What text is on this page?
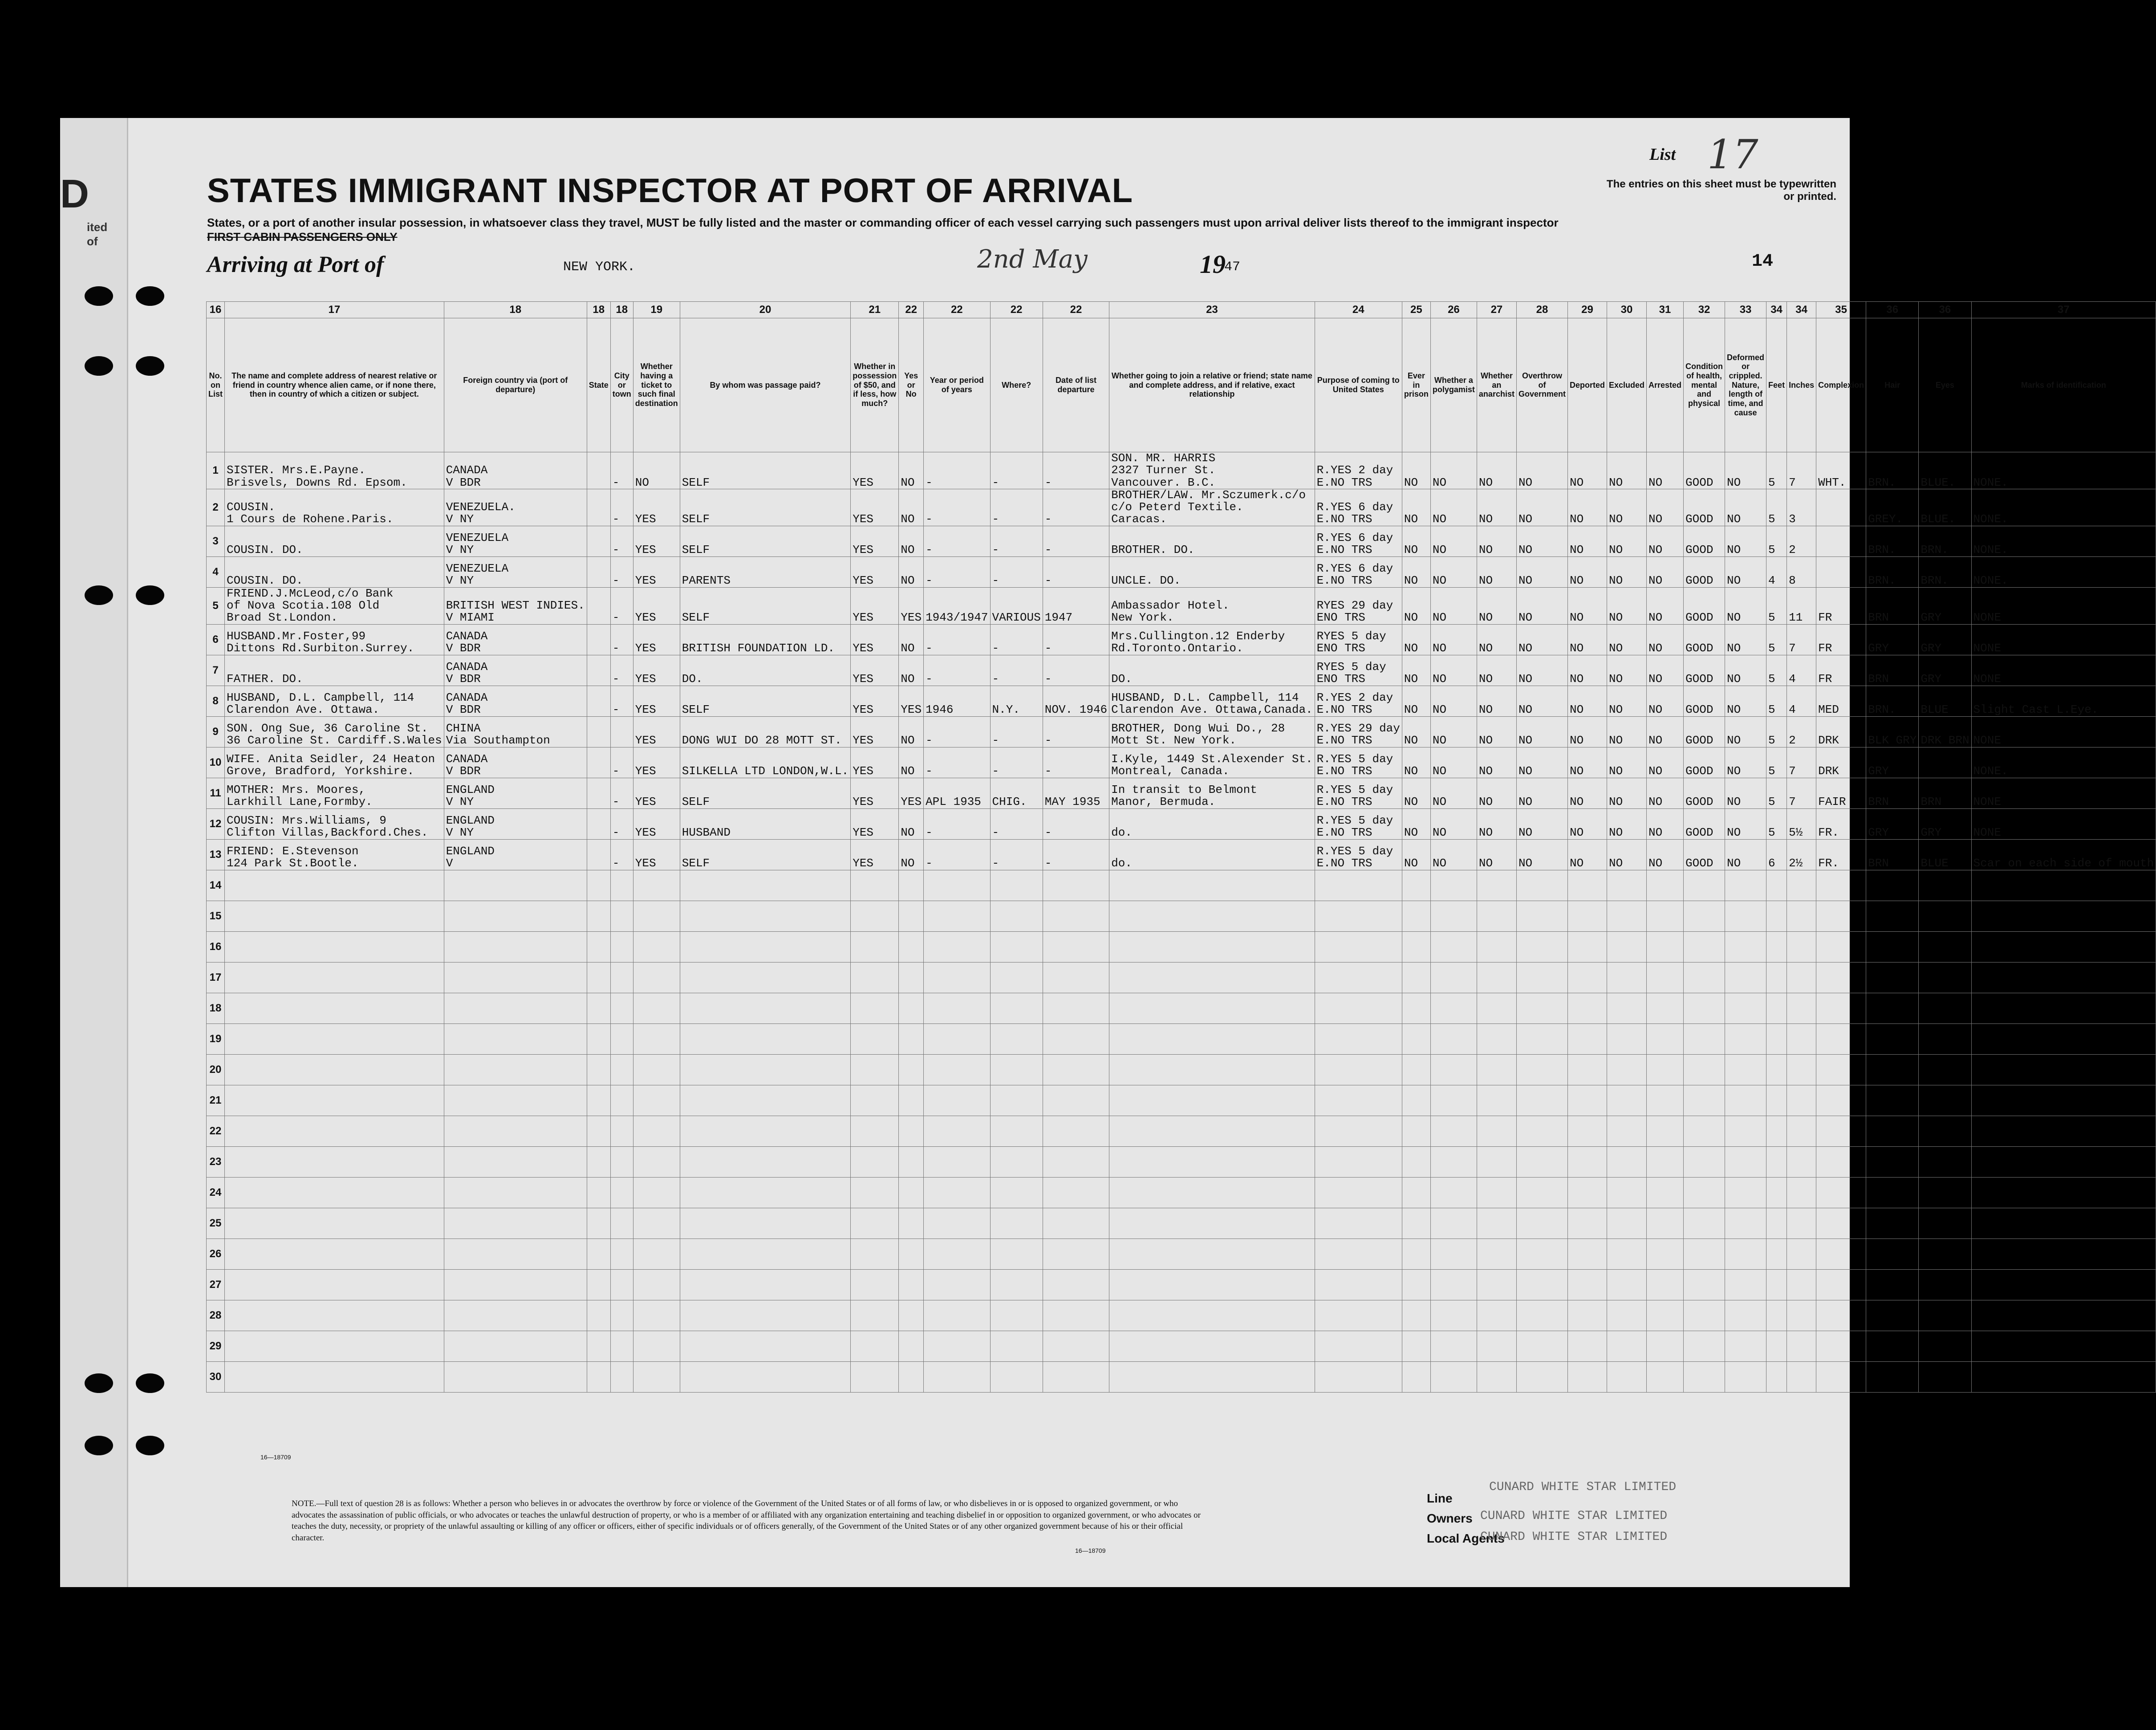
D
ited
of
STATES IMMIGRANT INSPECTOR AT PORT OF ARRIVAL
States, or a port of another insular possession, in whatsoever class they travel, MUST be fully listed and the master or commanding officer of each vessel carrying such passengers must upon arrival deliver lists thereof to the immigrant inspector
FIRST CABIN PASSENGERS ONLY
Arriving at Port of	NEW YORK.	2nd May	19
47
List 17
The entries on this sheet must be typewritten or printed.
14
16	17	18	18	18	19	20	21	22	22	22	22	23	24	25	26	27	28	29	30	31	32	33	34	34	35	36	36	37
No. on List	The name and complete address of nearest relative or friend in country whence alien came, or if none there, then in country of which a citizen or subject.	Foreign country via (port of departure)	State	City or town	Whether having a ticket to such final destination	By whom was passage paid?	Whether in possession of $50, and if less, how much?	Yes or No	Year or period of years	Where?	Date of list departure	Whether going to join a relative or friend; state name and complete address, and if relative, exact relationship	Purpose of coming to United States	Ever in prison	Whether a polygamist	Whether an anarchist	Overthrow of Government	Deported	Excluded	Arrested	Condition of health, mental and physical	Deformed or crippled. Nature, length of time, and cause	Feet	Inches	Complexion	Hair	Eyes	Marks of identification
1	SISTER. Mrs.E.Payne.
Brisvels, Downs Rd. Epsom.	CANADA
V BDR		-	NO	SELF	YES	NO	-	-	-	SON. MR. HARRIS
2327 Turner St.
Vancouver. B.C.	R.YES 2 day
E.NO TRS	NO	NO	NO	NO	NO	NO	NO	GOOD	NO	5	7	WHT.	BRN.	BLUE.	NONE.
2	COUSIN.
1 Cours de Rohene.Paris.	VENEZUELA.
V NY		-	YES	SELF	YES	NO	-	-	-	BROTHER/LAW. Mr.Sczumerk.c/o
c/o Peterd Textile.
Caracas.	R.YES 6 day
E.NO TRS	NO	NO	NO	NO	NO	NO	NO	GOOD	NO	5	3		GREY.	BLUE.	NONE.
3	COUSIN. DO.	VENEZUELA
V NY		-	YES	SELF	YES	NO	-	-	-	BROTHER. DO.	R.YES 6 day
E.NO TRS	NO	NO	NO	NO	NO	NO	NO	GOOD	NO	5	2		BRN.	BRN.	NONE.
4	COUSIN. DO.	VENEZUELA
V NY		-	YES	PARENTS	YES	NO	-	-	-	UNCLE. DO.	R.YES 6 day
E.NO TRS	NO	NO	NO	NO	NO	NO	NO	GOOD	NO	4	8		BRN.	BRN.	NONE.
5	FRIEND.J.McLeod,c/o Bank
of Nova Scotia.108 Old
Broad St.London.	BRITISH WEST INDIES.
V MIAMI		-	YES	SELF	YES	YES	1943/1947	VARIOUS	1947	Ambassador Hotel.
New York.	RYES 29 day
ENO TRS	NO	NO	NO	NO	NO	NO	NO	GOOD	NO	5	11	FR	BRN	GRY	NONE
6	HUSBAND.Mr.Foster,99
Dittons Rd.Surbiton.Surrey.	CANADA
V BDR		-	YES	BRITISH FOUNDATION LD.	YES	NO	-	-	-	Mrs.Cullington.12 Enderby
Rd.Toronto.Ontario.	RYES 5 day
ENO TRS	NO	NO	NO	NO	NO	NO	NO	GOOD	NO	5	7	FR	GRY	GRY	NONE
7	FATHER. DO.	CANADA
V BDR		-	YES	DO.	YES	NO	-	-	-	DO.	RYES 5 day
ENO TRS	NO	NO	NO	NO	NO	NO	NO	GOOD	NO	5	4	FR	BRN	GRY	NONE
8	HUSBAND, D.L. Campbell, 114
Clarendon Ave. Ottawa.	CANADA
V BDR		-	YES	SELF	YES	YES	1946	N.Y.	NOV. 1946	HUSBAND, D.L. Campbell, 114
Clarendon Ave. Ottawa,Canada.	R.YES 2 day
E.NO TRS	NO	NO	NO	NO	NO	NO	NO	GOOD	NO	5	4	MED	BRN.	BLUE	Slight Cast L.Eye.
9	SON. Ong Sue, 36 Caroline St.
36 Caroline St. Cardiff.S.Wales	CHINA
Via Southampton			YES	DONG WUI DO 28 MOTT ST.	YES	NO	-	-	-	BROTHER, Dong Wui Do., 28
Mott St. New York.	R.YES 29 day
E.NO TRS	NO	NO	NO	NO	NO	NO	NO	GOOD	NO	5	2	DRK	BLK GRY	DRK BRN	NONE
10	WIFE. Anita Seidler, 24 Heaton
Grove, Bradford, Yorkshire.	CANADA
V BDR		-	YES	SILKELLA LTD LONDON,W.L.	YES	NO	-	-	-	I.Kyle, 1449 St.Alexender St.
Montreal, Canada.	R.YES 5 day
E.NO TRS	NO	NO	NO	NO	NO	NO	NO	GOOD	NO	5	7	DRK	GRY		NONE.
11	MOTHER: Mrs. Moores,
Larkhill Lane,Formby.	ENGLAND
V NY		-	YES	SELF	YES	YES	APL 1935	CHIG.	MAY 1935	In transit to Belmont
Manor, Bermuda.	R.YES 5 day
E.NO TRS	NO	NO	NO	NO	NO	NO	NO	GOOD	NO	5	7	FAIR	BRN	BRN	NONE
12	COUSIN: Mrs.Williams, 9
Clifton Villas,Backford.Ches.	ENGLAND
V NY		-	YES	HUSBAND	YES	NO	-	-	-	do.	R.YES 5 day
E.NO TRS	NO	NO	NO	NO	NO	NO	NO	GOOD	NO	5	5½	FR.	GRY	GRY	NONE
13	FRIEND: E.Stevenson
124 Park St.Bootle.	ENGLAND
V		-	YES	SELF	YES	NO	-	-	-	do.	R.YES 5 day
E.NO TRS	NO	NO	NO	NO	NO	NO	NO	GOOD	NO	6	2½	FR.	BRN	BLUE	Scar on each side of mouth
14																												
15																												
16																												
17																												
18																												
19																												
20																												
21																												
22																												
23																												
24																												
25																												
26																												
27																												
28																												
29																												
30																												
16—18709
NOTE.—Full text of question 28 is as follows: Whether a person who believes in or advocates the overthrow by force or violence of the Government of the United States or of all forms of law, or who disbelieves in or is opposed to organized government, or who advocates the assassination of public officials, or who advocates or teaches the unlawful destruction of property, or who is a member of or affiliated with any organization entertaining and teaching disbelief in or opposition to organized government, or who advocates or teaches the duty, necessity, or propriety of the unlawful assaulting or killing of any officer or officers, either of specific individuals or of officers generally, of the Government of the United States or of any other organized government because of his or their official character.
16—18709
Line
Owners
Local Agents
CUNARD WHITE STAR LIMITED
CUNARD WHITE STAR LIMITED
CUNARD WHITE STAR LIMITED
